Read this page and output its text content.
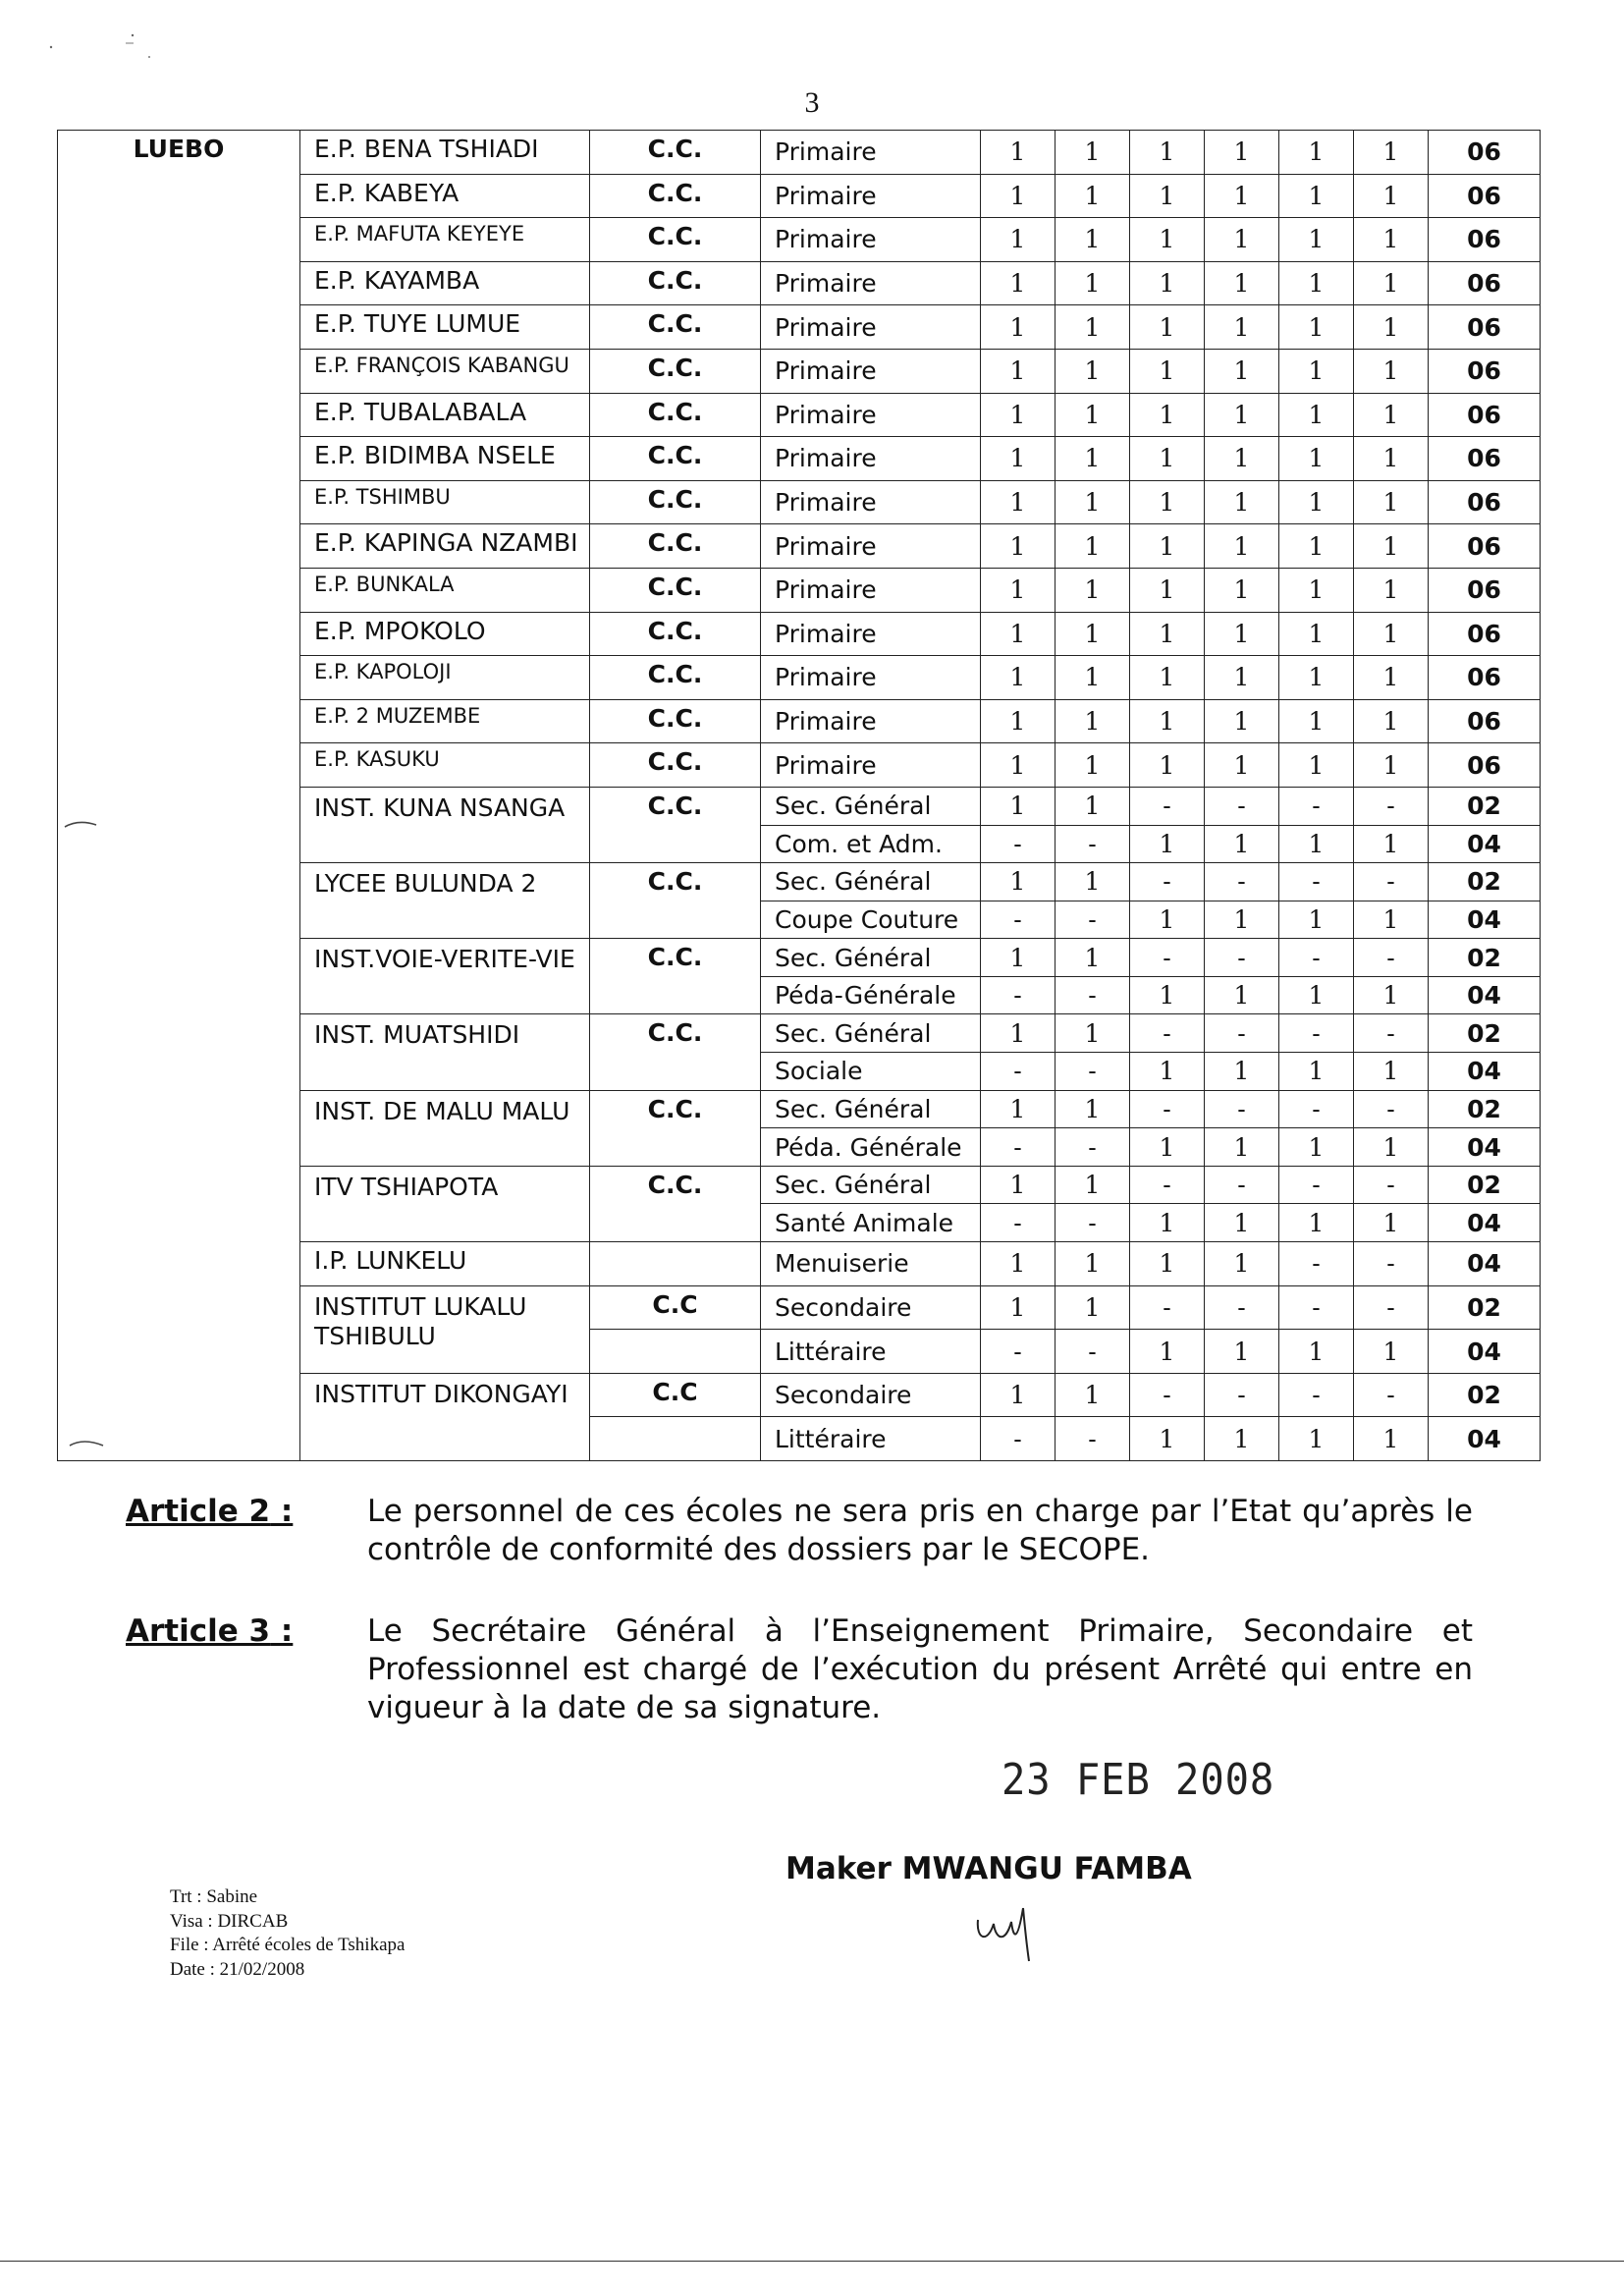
3
LUEBO	E.P. BENA TSHIADI	C.C.	Primaire	1	1	1	1	1	1	06
	E.P. KABEYA	C.C.	Primaire	1	1	1	1	1	1	06
	E.P. MAFUTA KEYEYE	C.C.	Primaire	1	1	1	1	1	1	06
	E.P. KAYAMBA	C.C.	Primaire	1	1	1	1	1	1	06
	E.P. TUYE LUMUE	C.C.	Primaire	1	1	1	1	1	1	06
	E.P. FRANÇOIS KABANGU	C.C.	Primaire	1	1	1	1	1	1	06
	E.P. TUBALABALA	C.C.	Primaire	1	1	1	1	1	1	06
	E.P. BIDIMBA NSELE	C.C.	Primaire	1	1	1	1	1	1	06
	E.P. TSHIMBU	C.C.	Primaire	1	1	1	1	1	1	06
	E.P. KAPINGA NZAMBI	C.C.	Primaire	1	1	1	1	1	1	06
	E.P. BUNKALA	C.C.	Primaire	1	1	1	1	1	1	06
	E.P. MPOKOLO	C.C.	Primaire	1	1	1	1	1	1	06
	E.P. KAPOLOJI	C.C.	Primaire	1	1	1	1	1	1	06
	E.P. 2 MUZEMBE	C.C.	Primaire	1	1	1	1	1	1	06
	E.P. KASUKU	C.C.	Primaire	1	1	1	1	1	1	06
	INST. KUNA NSANGA	C.C.	Sec. Général	1	1	-	-	-	-	02
			Com. et Adm.	-	-	1	1	1	1	04
	LYCEE BULUNDA 2	C.C.	Sec. Général	1	1	-	-	-	-	02
			Coupe Couture	-	-	1	1	1	1	04
	INST.VOIE-VERITE-VIE	C.C.	Sec. Général	1	1	-	-	-	-	02
			Péda-Générale	-	-	1	1	1	1	04
	INST. MUATSHIDI	C.C.	Sec. Général	1	1	-	-	-	-	02
			Sociale	-	-	1	1	1	1	04
	INST. DE MALU MALU	C.C.	Sec. Général	1	1	-	-	-	-	02
			Péda. Générale	-	-	1	1	1	1	04
	ITV TSHIAPOTA	C.C.	Sec. Général	1	1	-	-	-	-	02
			Santé Animale	-	-	1	1	1	1	04
	I.P. LUNKELU		Menuiserie	1	1	1	1	-	-	04
	INSTITUT LUKALU TSHIBULU	C.C	Secondaire	1	1	-	-	-	-	02
			Littéraire	-	-	1	1	1	1	04
	INSTITUT DIKONGAYI	C.C	Secondaire	1	1	-	-	-	-	02
			Littéraire	-	-	1	1	1	1	04
Article 2 : Le personnel de ces écoles ne sera pris en charge par l’Etat qu’après le contrôle de conformité des dossiers par le SECOPE.
Article 3 : Le Secrétaire Général à l’Enseignement Primaire, Secondaire et Professionnel est chargé de l’exécution du présent Arrêté qui entre en vigueur à la date de sa signature.
23 FEB 2008
Maker MWANGU FAMBA
Trt : Sabine
Visa : DIRCAB
File : Arrêté écoles de Tshikapa
Date : 21/02/2008
